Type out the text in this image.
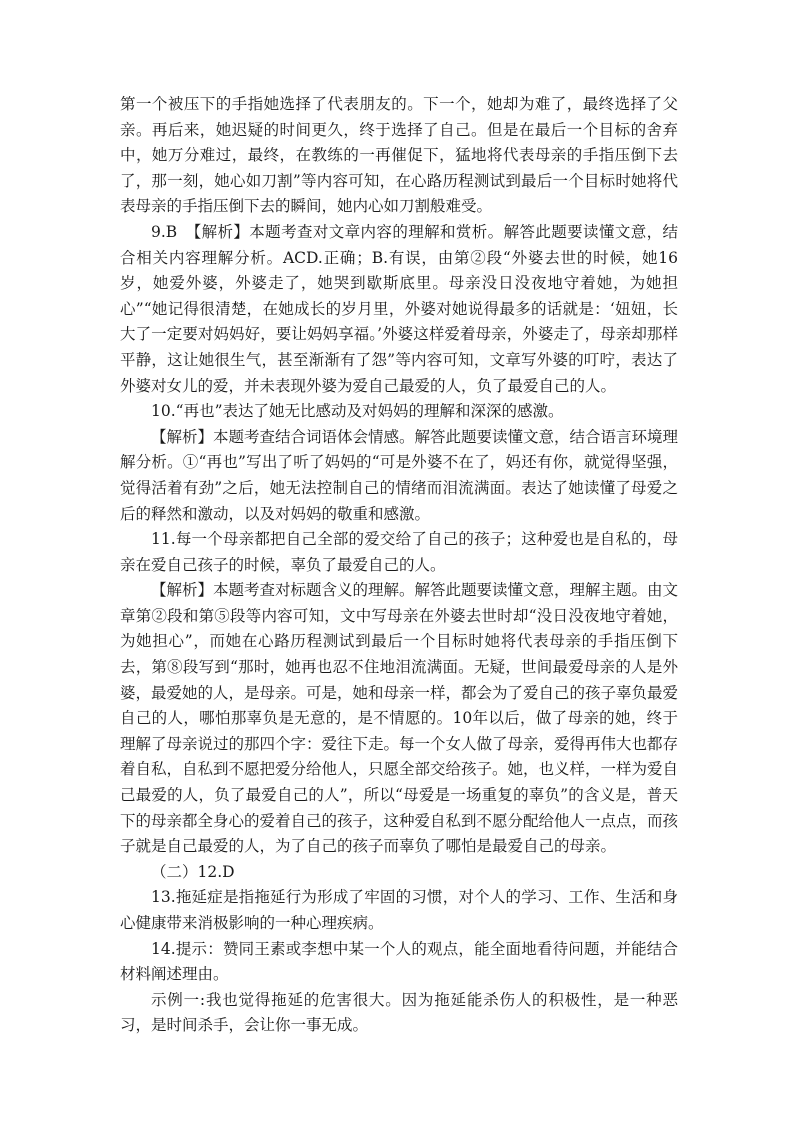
第一个被压下的手指她选择了代表朋友的。下一个，她却为难了，最终选择了父亲。再后来，她迟疑的时间更久，终于选择了自己。但是在最后一个目标的舍弃中，她万分难过，最终，在教练的一再催促下，猛地将代表母亲的手指压倒下去了，那一刻，她心如刀割”等内容可知，在心路历程测试到最后一个目标时她将代表母亲的手指压倒下去的瞬间，她内心如刀割般难受。

9.B　【解析】本题考查对文章内容的理解和赏析。解答此题要读懂文意，结合相关内容理解分析。ACD.正确；B.有误，由第②段“外婆去世的时候，她16岁，她爱外婆，外婆走了，她哭到歇斯底里。母亲没日没夜地守着她，为她担心”“她记得很清楚，在她成长的岁月里，外婆对她说得最多的话就是：‘妞妞，长大了一定要对妈妈好，要让妈妈享福。’外婆这样爱着母亲，外婆走了，母亲却那样平静，这让她很生气，甚至渐渐有了怨”等内容可知，文章写外婆的叮咛，表达了外婆对女儿的爱，并未表现外婆为爱自己最爱的人，负了最爱自己的人。

10.“再也”表达了她无比感动及对妈妈的理解和深深的感激。

【解析】本题考查结合词语体会情感。解答此题要读懂文意，结合语言环境理解分析。①“再也”写出了听了妈妈的“可是外婆不在了，妈还有你，就觉得坚强，觉得活着有劲”之后，她无法控制自己的情绪而泪流满面。表达了她读懂了母爱之后的释然和激动，以及对妈妈的敬重和感激。

11.每一个母亲都把自己全部的爱交给了自己的孩子；这种爱也是自私的，母亲在爱自己孩子的时候，辜负了最爱自己的人。

【解析】本题考查对标题含义的理解。解答此题要读懂文意，理解主题。由文章第②段和第⑤段等内容可知，文中写母亲在外婆去世时却“没日没夜地守着她，为她担心”，而她在心路历程测试到最后一个目标时她将代表母亲的手指压倒下去，第⑧段写到“那时，她再也忍不住地泪流满面。无疑，世间最爱母亲的人是外婆，最爱她的人，是母亲。可是，她和母亲一样，都会为了爱自己的孩子辜负最爱自己的人，哪怕那辜负是无意的，是不情愿的。10年以后，做了母亲的她，终于理解了母亲说过的那四个字：爱往下走。每一个女人做了母亲，爱得再伟大也都存着自私，自私到不愿把爱分给他人，只愿全部交给孩子。她，也义样，一样为爱自己最爱的人，负了最爱自己的人”，所以“母爱是一场重复的辜负”的含义是，普天下的母亲都全身心的爱着自己的孩子，这种爱自私到不愿分配给他人一点点，而孩子就是自己最爱的人，为了自己的孩子而辜负了哪怕是最爱自己的母亲。

（二）12.D

13.拖延症是指拖延行为形成了牢固的习惯，对个人的学习、工作、生活和身心健康带来消极影响的一种心理疾病。

14.提示：赞同王素或李想中某一个人的观点，能全面地看待问题，并能结合材料阐述理由。

示例一:我也觉得拖延的危害很大。因为拖延能杀伤人的积极性，是一种恶习，是时间杀手，会让你一事无成。
